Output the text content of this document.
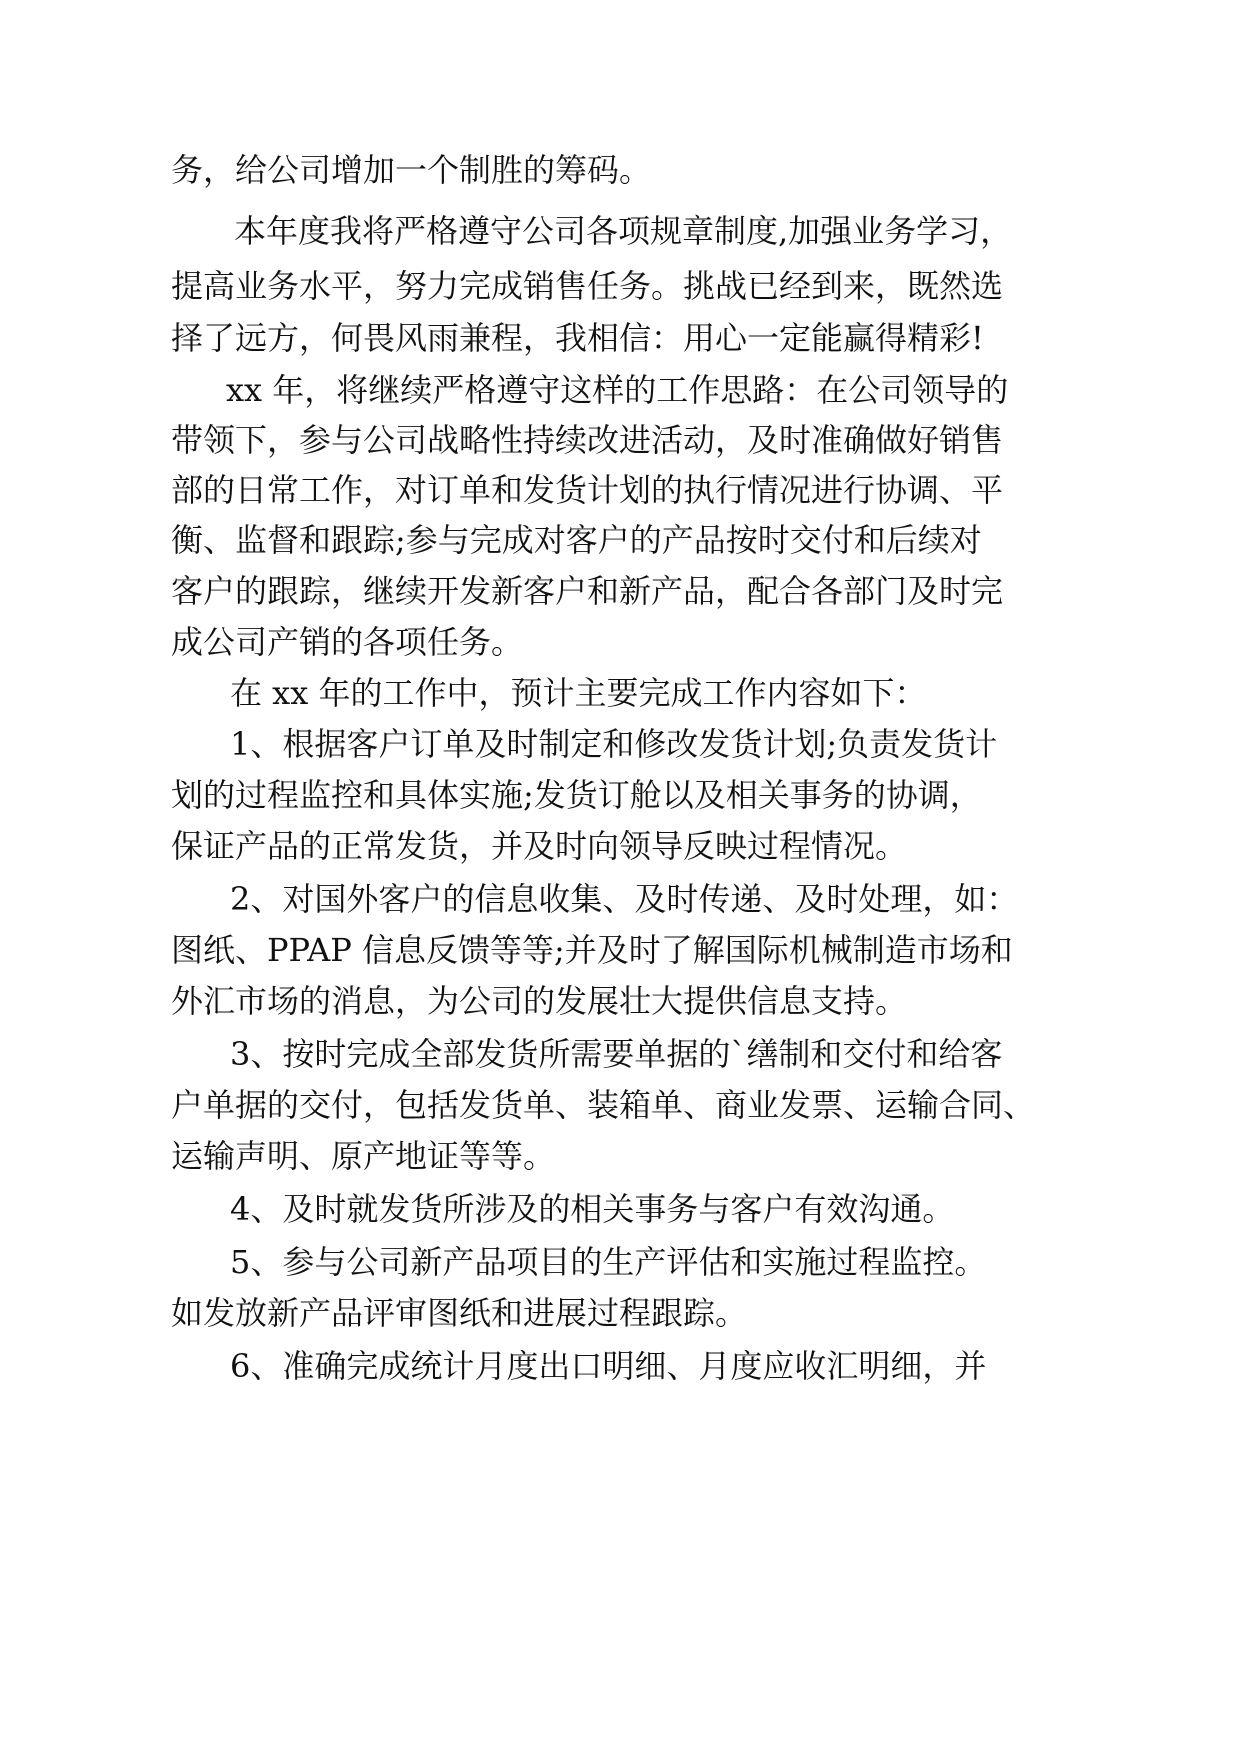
务，给公司增加一个制胜的筹码。

本年度我将严格遵守公司各项规章制度,加强业务学习，

提高业务水平，努力完成销售任务。挑战已经到来，既然选

择了远方，何畏风雨兼程，我相信：用心一定能赢得精彩!

xx 年，将继续严格遵守这样的工作思路：在公司领导的

带领下，参与公司战略性持续改进活动，及时准确做好销售

部的日常工作，对订单和发货计划的执行情况进行协调、平

衡、监督和跟踪;参与完成对客户的产品按时交付和后续对

客户的跟踪，继续开发新客户和新产品，配合各部门及时完

成公司产销的各项任务。

在 xx 年的工作中，预计主要完成工作内容如下：

1、根据客户订单及时制定和修改发货计划;负责发货计

划的过程监控和具体实施;发货订舱以及相关事务的协调，

保证产品的正常发货，并及时向领导反映过程情况。

2、对国外客户的信息收集、及时传递、及时处理，如：

图纸、PPAP 信息反馈等等;并及时了解国际机械制造市场和

外汇市场的消息，为公司的发展壮大提供信息支持。

3、按时完成全部发货所需要单据的`缮制和交付和给客

户单据的交付，包括发货单、装箱单、商业发票、运输合同、

运输声明、原产地证等等。

4、及时就发货所涉及的相关事务与客户有效沟通。

5、参与公司新产品项目的生产评估和实施过程监控。

如发放新产品评审图纸和进展过程跟踪。

6、准确完成统计月度出口明细、月度应收汇明细，并
